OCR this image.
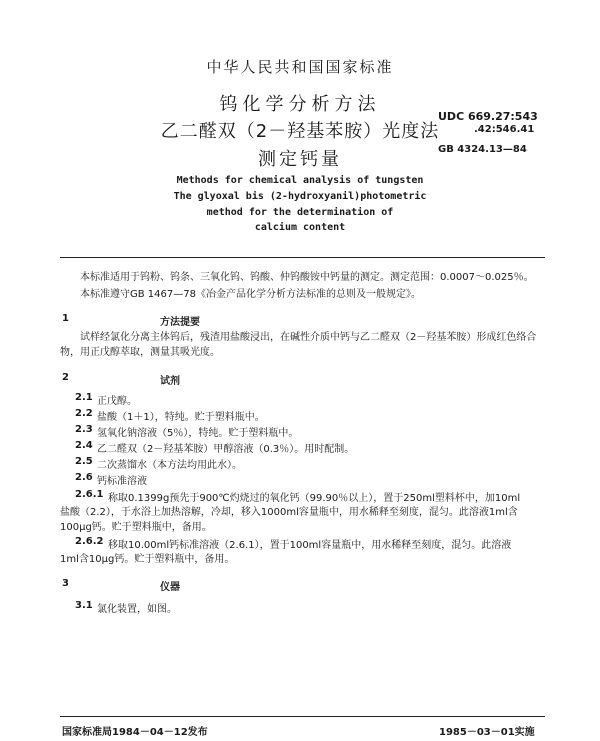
中华人民共和国国家标准
钨化学分析方法
乙二醛双（2－羟基苯胺）光度法
测定钙量
UDC 669.27:543
.42:546.41
GB 4324.13—84
Methods for chemical analysis of tungsten
The glyoxal bis (2-hydroxyanil)photometric
method for the determination of
calcium content
本标准适用于钨粉、钨条、三氧化钨、钨酸、仲钨酸铵中钙量的测定。测定范围：0.0007～0.025％。
本标准遵守GB 1467—78《冶金产品化学分析方法标准的总则及一般规定》。
1	方法提要
试样经氯化分离主体钨后，残渣用盐酸浸出，在碱性介质中钙与乙二醛双（2－羟基苯胺）形成红色络合物，用正戊醇萃取，测量其吸光度。
2	试剂
2.1 正戊醇。
2.2 盐酸（1＋1），特纯。贮于塑料瓶中。
2.3 氢氧化钠溶液（5％），特纯。贮于塑料瓶中。
2.4 乙二醛双（2－羟基苯胺）甲醇溶液（0.3％）。用时配制。
2.5 二次蒸馏水（本方法均用此水）。
2.6 钙标准溶液
2.6.1 称取0.1399g预先于900℃灼烧过的氧化钙（99.90％以上），置于250ml塑料杯中，加10ml
盐酸（2.2），于水浴上加热溶解，冷却，移入1000ml容量瓶中，用水稀释至刻度，混匀。此溶液1ml含100μg钙。贮于塑料瓶中，备用。
2.6.2 移取10.00ml钙标准溶液（2.6.1），置于100ml容量瓶中，用水稀释至刻度，混匀。此溶液
1ml含10μg钙。贮于塑料瓶中，备用。
3	仪器
3.1 氯化装置，如图。
国家标准局1984－04－12发布	1985－03－01实施
